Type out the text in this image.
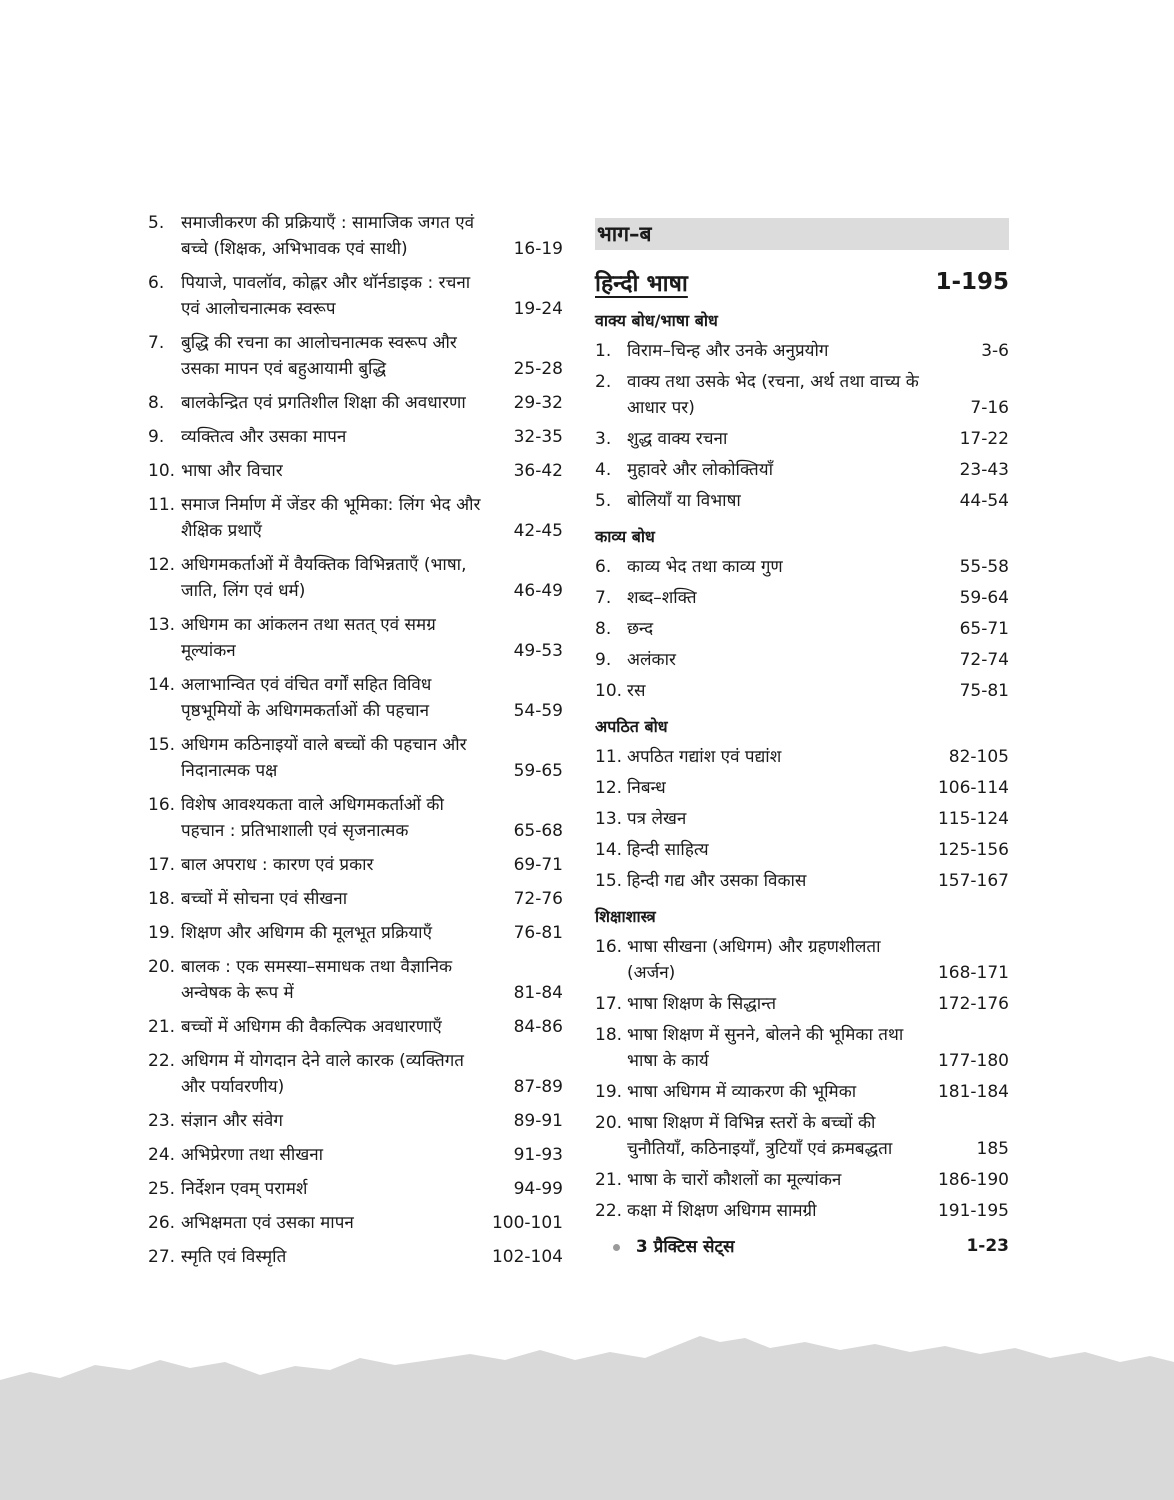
5. समाजीकरण की प्रक्रियाएँ : सामाजिक जगत एवं बच्चे (शिक्षक, अभिभावक एवं साथी)	16-19
6. पियाजे, पावलॉव, कोह्लर और थॉर्नडाइक : रचना एवं आलोचनात्मक स्वरूप	19-24
7. बुद्धि की रचना का आलोचनात्मक स्वरूप और उसका मापन एवं बहुआयामी बुद्धि	25-28
8. बालकेन्द्रित एवं प्रगतिशील शिक्षा की अवधारणा	29-32
9. व्यक्तित्व और उसका मापन	32-35
10. भाषा और विचार	36-42
11. समाज निर्माण में जेंडर की भूमिका: लिंग भेद और शैक्षिक प्रथाएँ	42-45
12. अधिगमकर्ताओं में वैयक्तिक विभिन्नताएँ (भाषा, जाति, लिंग एवं धर्म)	46-49
13. अधिगम का आंकलन तथा सतत् एवं समग्र मूल्यांकन	49-53
14. अलाभान्वित एवं वंचित वर्गों सहित विविध पृष्ठभूमियों के अधिगमकर्ताओं की पहचान	54-59
15. अधिगम कठिनाइयों वाले बच्चों की पहचान और निदानात्मक पक्ष	59-65
16. विशेष आवश्यकता वाले अधिगमकर्ताओं की पहचान : प्रतिभाशाली एवं सृजनात्मक	65-68
17. बाल अपराध : कारण एवं प्रकार	69-71
18. बच्चों में सोचना एवं सीखना	72-76
19. शिक्षण और अधिगम की मूलभूत प्रक्रियाएँ	76-81
20. बालक : एक समस्या–समाधक तथा वैज्ञानिक अन्वेषक के रूप में	81-84
21. बच्चों में अधिगम की वैकल्पिक अवधारणाएँ	84-86
22. अधिगम में योगदान देने वाले कारक (व्यक्तिगत और पर्यावरणीय)	87-89
23. संज्ञान और संवेग	89-91
24. अभिप्रेरणा तथा सीखना	91-93
25. निर्देशन एवम् परामर्श	94-99
26. अभिक्षमता एवं उसका मापन	100-101
27. स्मृति एवं विस्मृति	102-104
भाग–ब
हिन्दी भाषा	1-195
वाक्य बोध/भाषा बोध
1. विराम–चिन्ह और उनके अनुप्रयोग	3-6
2. वाक्य तथा उसके भेद (रचना, अर्थ तथा वाच्य के आधार पर)	7-16
3. शुद्ध वाक्य रचना	17-22
4. मुहावरे और लोकोक्तियाँ	23-43
5. बोलियाँ या विभाषा	44-54
काव्य बोध
6. काव्य भेद तथा काव्य गुण	55-58
7. शब्द–शक्ति	59-64
8. छन्द	65-71
9. अलंकार	72-74
10. रस	75-81
अपठित बोध
11. अपठित गद्यांश एवं पद्यांश	82-105
12. निबन्ध	106-114
13. पत्र लेखन	115-124
14. हिन्दी साहित्य	125-156
15. हिन्दी गद्य और उसका विकास	157-167
शिक्षाशास्त्र
16. भाषा सीखना (अधिगम) और ग्रहणशीलता (अर्जन)	168-171
17. भाषा शिक्षण के सिद्धान्त	172-176
18. भाषा शिक्षण में सुनने, बोलने की भूमिका तथा भाषा के कार्य	177-180
19. भाषा अधिगम में व्याकरण की भूमिका	181-184
20. भाषा शिक्षण में विभिन्न स्तरों के बच्चों की चुनौतियाँ, कठिनाइयाँ, त्रुटियाँ एवं क्रमबद्धता	185
21. भाषा के चारों कौशलों का मूल्यांकन	186-190
22. कक्षा में शिक्षण अधिगम सामग्री	191-195
3 प्रैक्टिस सेट्स	1-23
